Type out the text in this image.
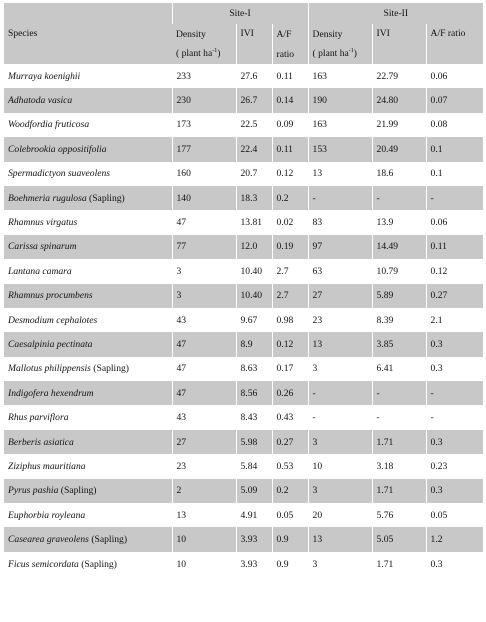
Species	Site-I			Site-II		
	Density	IVI	A/F	Density	IVI	A/F ratio
	( plant $ha^{-1}$)		ratio	( plant $ha^{-1}$)		
Murraya koenighii	233	27.6	0.11	163	22.79	0.06
Adhatoda vasica	230	26.7	0.14	190	24.80	0.07
Woodfordia fruticosa	173	22.5	0.09	163	21.99	0.08
Colebrookia oppositifolia	177	22.4	0.11	153	20.49	0.1
Spermadictyon suaveolens	160	20.7	0.12	13	18.6	0.1
Boehmeria rugulosa (Sapling)	140	18.3	0.2	-	-	-
Rhamnus virgatus	47	13.81	0.02	83	13.9	0.06
Carissa spinarum	77	12.0	0.19	97	14.49	0.11
Lantana camara	3	10.40	2.7	63	10.79	0.12
Rhamnus procumbens	3	10.40	2.7	27	5.89	0.27
Desmodium cephalotes	43	9.67	0.98	23	8.39	2.1
Caesalpinia pectinata	47	8.9	0.12	13	3.85	0.3
Mallotus philippensis (Sapling)	47	8.63	0.17	3	6.41	0.3
Indigofera hexendrum	47	8.56	0.26	-	-	-
Rhus parviflora	43	8.43	0.43	-	-	-
Berberis asiatica	27	5.98	0.27	3	1.71	0.3
Ziziphus mauritiana	23	5.84	0.53	10	3.18	0.23
Pyrus pashia (Sapling)	2	5.09	0.2	3	1.71	0.3
Euphorbia royleana	13	4.91	0.05	20	5.76	0.05
Casearea graveolens (Sapling)	10	3.93	0.9	13	5.05	1.2
Ficus semicordata (Sapling)	10	3.93	0.9	3	1.71	0.3
